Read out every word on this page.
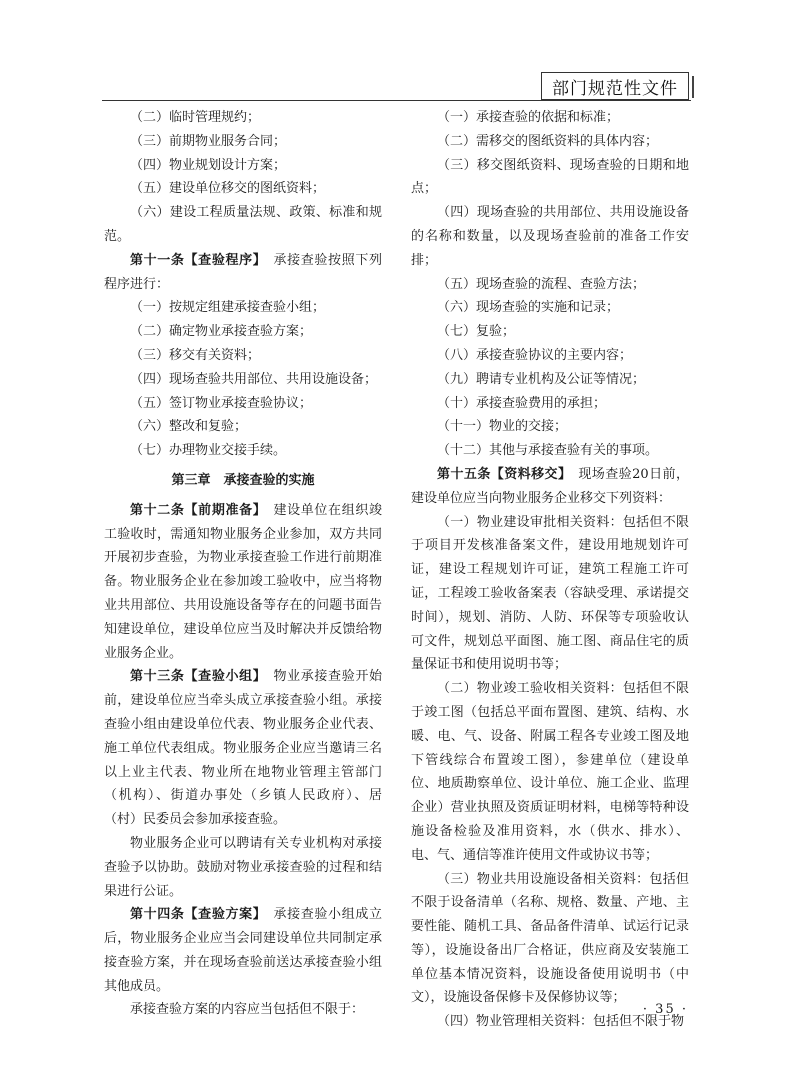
部门规范性文件

（二）临时管理规约；

（三）前期物业服务合同；

（四）物业规划设计方案；

（五）建设单位移交的图纸资料；

（六）建设工程质量法规、政策、标准和规范。

第十一条【查验程序】　承接查验按照下列程序进行：

（一）按规定组建承接查验小组；

（二）确定物业承接查验方案；

（三）移交有关资料；

（四）现场查验共用部位、共用设施设备；

（五）签订物业承接查验协议；

（六）整改和复验；

（七）办理物业交接手续。

第三章　承接查验的实施

第十二条【前期准备】　建设单位在组织竣工验收时，需通知物业服务企业参加，双方共同开展初步查验，为物业承接查验工作进行前期准备。物业服务企业在参加竣工验收中，应当将物业共用部位、共用设施设备等存在的问题书面告知建设单位，建设单位应当及时解决并反馈给物业服务企业。

第十三条【查验小组】　物业承接查验开始前，建设单位应当牵头成立承接查验小组。承接查验小组由建设单位代表、物业服务企业代表、施工单位代表组成。物业服务企业应当邀请三名以上业主代表、物业所在地物业管理主管部门（机构）、街道办事处（乡镇人民政府）、居（村）民委员会参加承接查验。

物业服务企业可以聘请有关专业机构对承接查验予以协助。鼓励对物业承接查验的过程和结果进行公证。

第十四条【查验方案】　承接查验小组成立后，物业服务企业应当会同建设单位共同制定承接查验方案，并在现场查验前送达承接查验小组其他成员。

承接查验方案的内容应当包括但不限于：

（一）承接查验的依据和标准；

（二）需移交的图纸资料的具体内容；

（三）移交图纸资料、现场查验的日期和地点；

（四）现场查验的共用部位、共用设施设备的名称和数量，以及现场查验前的准备工作安排；

（五）现场查验的流程、查验方法；

（六）现场查验的实施和记录；

（七）复验；

（八）承接查验协议的主要内容；

（九）聘请专业机构及公证等情况；

（十）承接查验费用的承担；

（十一）物业的交接；

（十二）其他与承接查验有关的事项。

第十五条【资料移交】　现场查验20日前，建设单位应当向物业服务企业移交下列资料：

（一）物业建设审批相关资料：包括但不限于项目开发核准备案文件，建设用地规划许可证，建设工程规划许可证，建筑工程施工许可证，工程竣工验收备案表（容缺受理、承诺提交时间），规划、消防、人防、环保等专项验收认可文件，规划总平面图、施工图、商品住宅的质量保证书和使用说明书等；

（二）物业竣工验收相关资料：包括但不限于竣工图（包括总平面布置图、建筑、结构、水暖、电、气、设备、附属工程各专业竣工图及地下管线综合布置竣工图），参建单位（建设单位、地质勘察单位、设计单位、施工企业、监理企业）营业执照及资质证明材料，电梯等特种设施设备检验及准用资料，水（供水、排水）、电、气、通信等准许使用文件或协议书等；

（三）物业共用设施设备相关资料：包括但不限于设备清单（名称、规格、数量、产地、主要性能、随机工具、备品备件清单、试运行记录等），设施设备出厂合格证，供应商及安装施工单位基本情况资料，设施设备使用说明书（中文），设施设备保修卡及保修协议等；

（四）物业管理相关资料：包括但不限于物

· 35 ·
